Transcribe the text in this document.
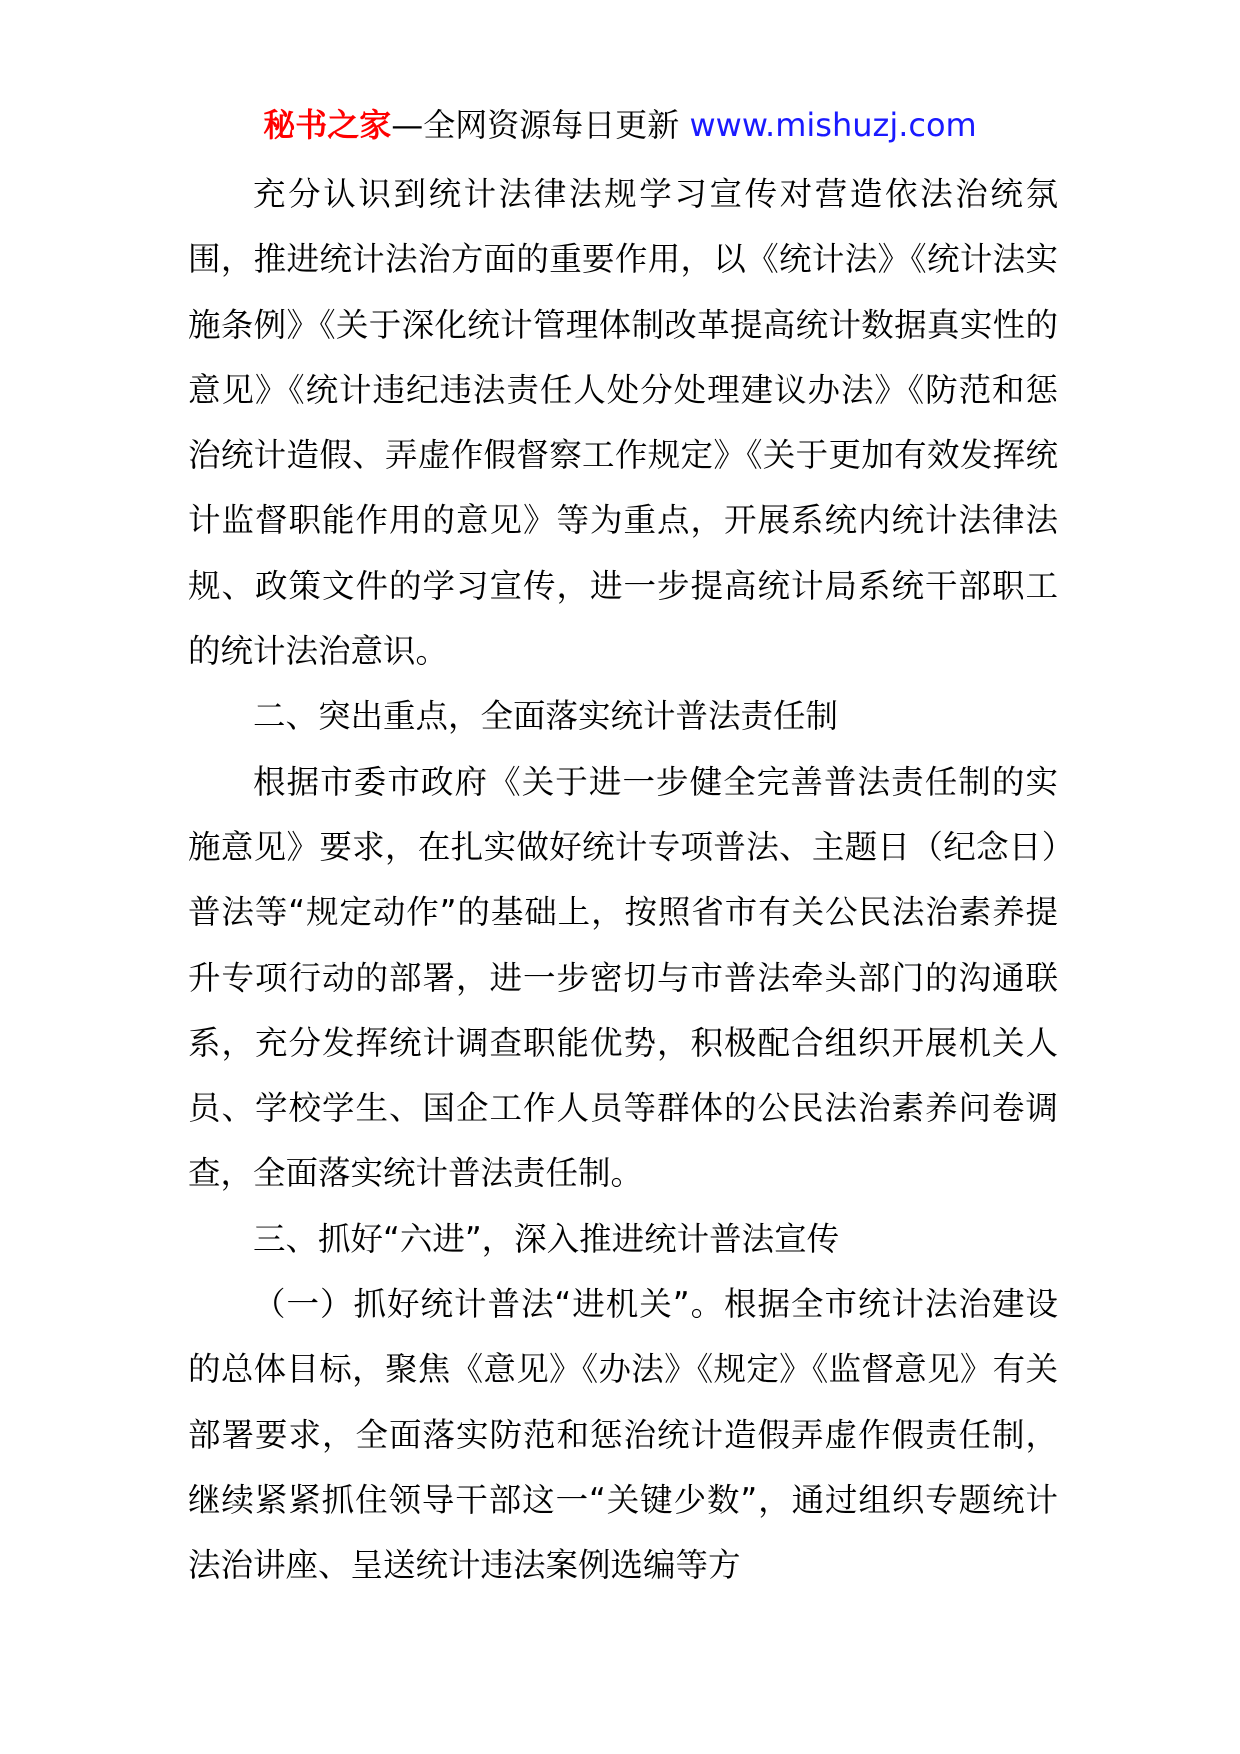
秘书之家—全网资源每日更新 www.mishuzj.com

充分认识到统计法律法规学习宣传对营造依法治统氛围，推进统计法治方面的重要作用，以《统计法》《统计法实施条例》《关于深化统计管理体制改革提高统计数据真实性的意见》《统计违纪违法责任人处分处理建议办法》《防范和惩治统计造假、弄虚作假督察工作规定》《关于更加有效发挥统计监督职能作用的意见》等为重点，开展系统内统计法律法规、政策文件的学习宣传，进一步提高统计局系统干部职工的统计法治意识。

二、突出重点，全面落实统计普法责任制

根据市委市政府《关于进一步健全完善普法责任制的实施意见》要求，在扎实做好统计专项普法、主题日（纪念日）普法等“规定动作”的基础上，按照省市有关公民法治素养提升专项行动的部署，进一步密切与市普法牵头部门的沟通联系，充分发挥统计调查职能优势，积极配合组织开展机关人员、学校学生、国企工作人员等群体的公民法治素养问卷调查，全面落实统计普法责任制。

三、抓好“六进”，深入推进统计普法宣传

（一）抓好统计普法“进机关”。根据全市统计法治建设的总体目标，聚焦《意见》《办法》《规定》《监督意见》有关部署要求，全面落实防范和惩治统计造假弄虚作假责任制，继续紧紧抓住领导干部这一“关键少数”，通过组织专题统计法治讲座、呈送统计违法案例选编等方
